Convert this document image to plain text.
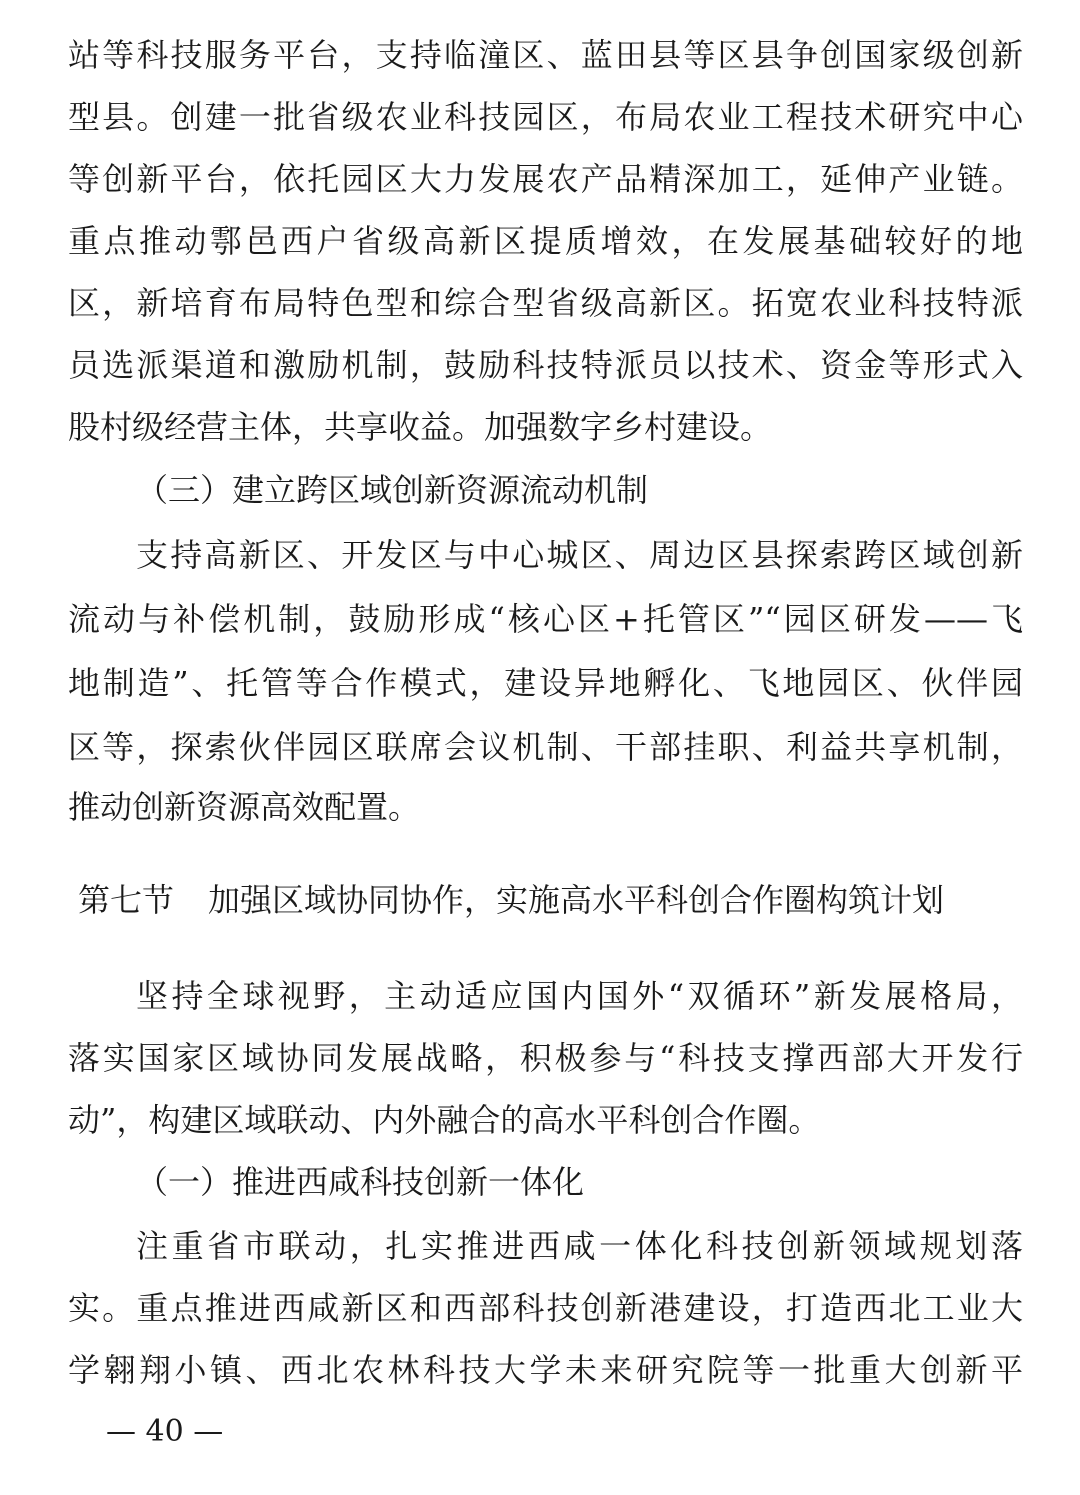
站等科技服务平台，支持临潼区、蓝田县等区县争创国家级创新
型县。创建一批省级农业科技园区，布局农业工程技术研究中心
等创新平台，依托园区大力发展农产品精深加工，延伸产业链。
重点推动鄠邑西户省级高新区提质增效，在发展基础较好的地
区，新培育布局特色型和综合型省级高新区。拓宽农业科技特派
员选派渠道和激励机制，鼓励科技特派员以技术、资金等形式入
股村级经营主体，共享收益。加强数字乡村建设。
（三）建立跨区域创新资源流动机制
支持高新区、开发区与中心城区、周边区县探索跨区域创新
流动与补偿机制，鼓励形成“核心区+托管区”“园区研发——飞
地制造”、托管等合作模式，建设异地孵化、飞地园区、伙伴园
区等，探索伙伴园区联席会议机制、干部挂职、利益共享机制，
推动创新资源高效配置。
第七节 加强区域协同协作，实施高水平科创合作圈构筑计划
坚持全球视野，主动适应国内国外“双循环”新发展格局，
落实国家区域协同发展战略，积极参与“科技支撑西部大开发行
动”，构建区域联动、内外融合的高水平科创合作圈。
（一）推进西咸科技创新一体化
注重省市联动，扎实推进西咸一体化科技创新领域规划落
实。重点推进西咸新区和西部科技创新港建设，打造西北工业大
学翱翔小镇、西北农林科技大学未来研究院等一批重大创新平
— 40 —
